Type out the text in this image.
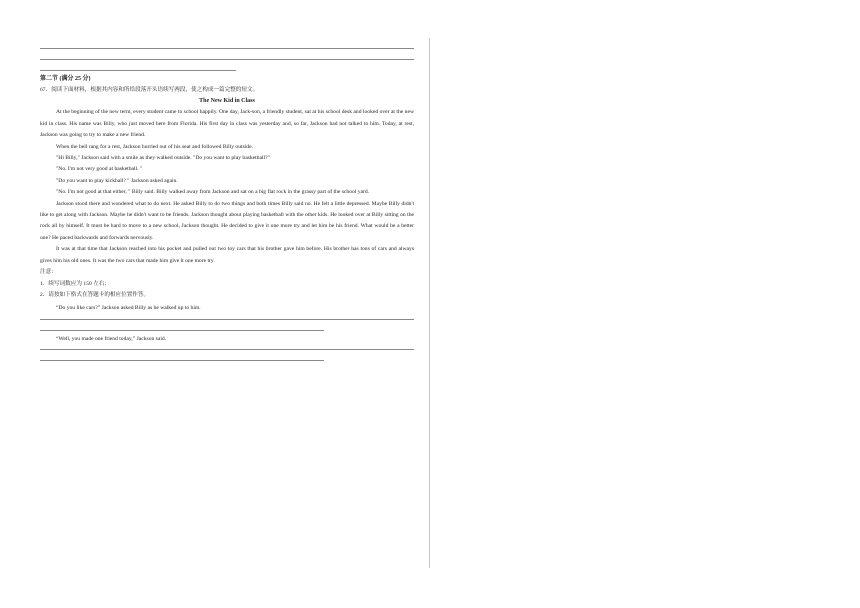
第二节 (满分 25 分)

67．阅读下面材料，根据其内容和所给段落开头语续写两段，使之构成一篇完整的短文。

The New Kid in Class

At the beginning of the new term, every student came to school happily. One day, Jack-son, a friendly student, sat at his school desk and looked over at the new kid in class. His name was Billy, who just moved here from Florida. His first day in class was yesterday and, so far, Jackson had not talked to him. Today, at rest, Jackson was going to try to make a new friend.

When the bell rang for a rest, Jackson hurried out of his seat and followed Billy outside.

"Hi Billy," Jackson said with a smile as they walked outside. "Do you want to play basketball?"

"No. I'm not very good at basketball. "

"Do you want to play kickball? " Jackson asked again.

"No. I'm not good at that either, " Billy said. Billy walked away from Jackson and sat on a big flat rock in the grassy part of the school yard.

Jackson stood there and wondered what to do next. He asked Billy to do two things and both times Billy said no. He felt a little depressed. Maybe Billy didn't like to get along with Jackson. Maybe he didn't want to be friends. Jackson thought about playing basketball with the other kids. He looked over at Billy sitting on the rock all by himself. It must be hard to move to a new school, Jackson thought. He decided to give it one more try and let him be his friend. What would be a better one? He paced backwards and forwards nervously.

It was at that time that Jackson reached into his pocket and pulled out two toy cars that his brother gave him before. His brother has tons of cars and always gives him his old ones. It was the two cars that made him give it one more try.

注意：
1．续写词数应为 150 左右；
2．请按如下格式在答题卡的相应位置作答。

“Do you like cars?” Jackson asked Billy as he walked up to him.

“Well, you made one friend today,” Jackson said.
